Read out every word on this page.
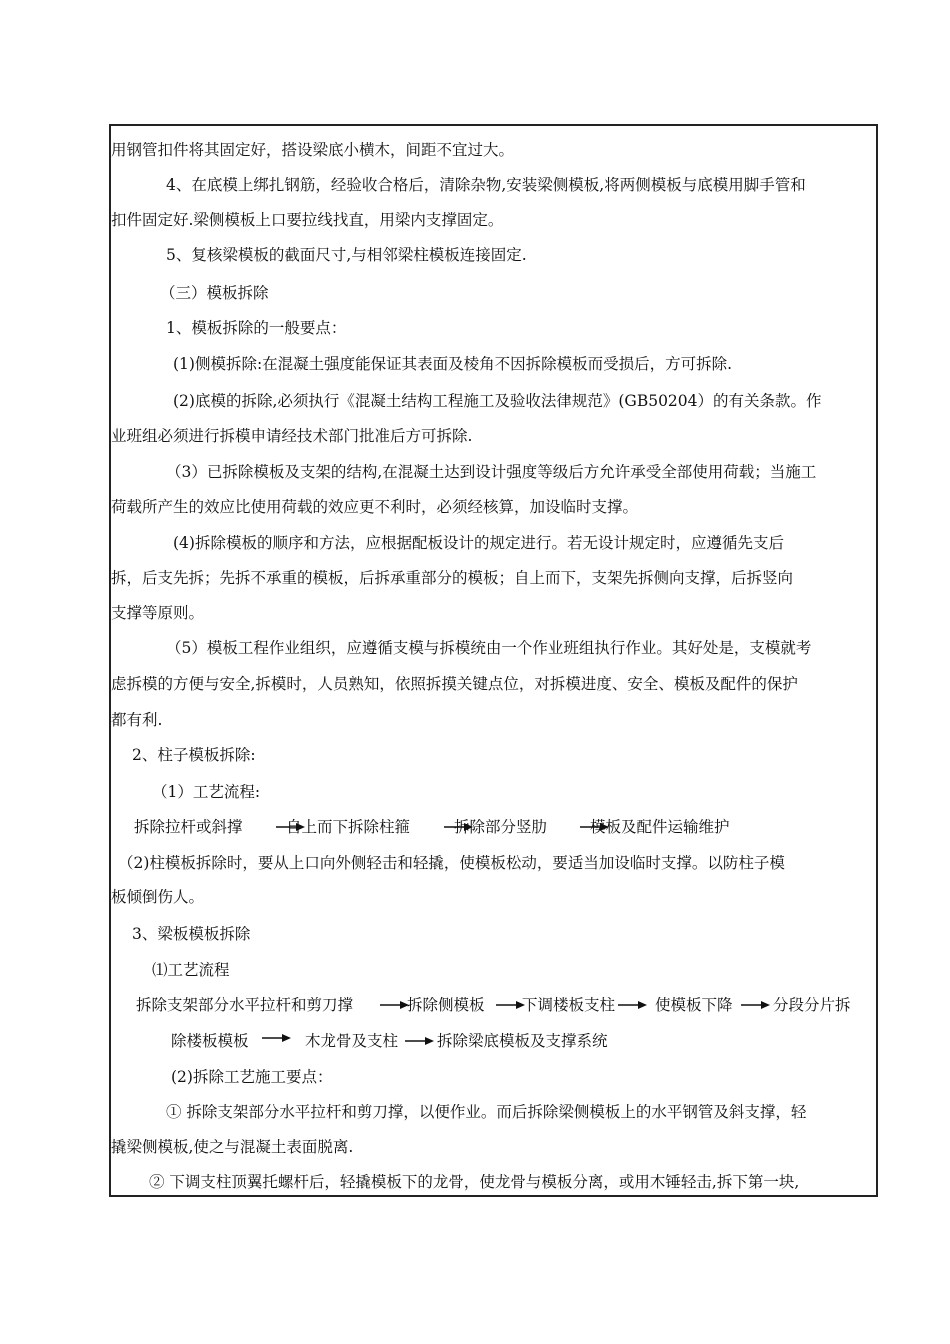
用钢管扣件将其固定好，搭设梁底小横木，间距不宜过大。
4、在底模上绑扎钢筋，经验收合格后，清除杂物,安装梁侧模板,将两侧模板与底模用脚手管和
扣件固定好.梁侧模板上口要拉线找直，用梁内支撑固定。
5、复核梁模板的截面尺寸,与相邻梁柱模板连接固定.
（三）模板拆除
1、模板拆除的一般要点：
(1)侧模拆除:在混凝土强度能保证其表面及棱角不因拆除模板而受损后，方可拆除.
(2)底模的拆除,必须执行《混凝土结构工程施工及验收法律规范》(GB50204）的有关条款。作
业班组必须进行拆模申请经技术部门批准后方可拆除.
（3）已拆除模板及支架的结构,在混凝土达到设计强度等级后方允许承受全部使用荷载；当施工
荷载所产生的效应比使用荷载的效应更不利时，必须经核算，加设临时支撑。
(4)拆除模板的顺序和方法，应根据配板设计的规定进行。若无设计规定时，应遵循先支后
拆，后支先拆；先拆不承重的模板，后拆承重部分的模板；自上而下，支架先拆侧向支撑，后拆竖向
支撑等原则。
（5）模板工程作业组织，应遵循支模与拆模统由一个作业班组执行作业。其好处是，支模就考
虑拆模的方便与安全,拆模时，人员熟知，依照拆摸关键点位，对拆模进度、安全、模板及配件的保护
都有利.
2、柱子模板拆除:
（1）工艺流程:
拆除拉杆或斜撑	自上而下拆除柱箍	拆除部分竖肋	模板及配件运输维护
（2)柱模板拆除时，要从上口向外侧轻击和轻撬，使模板松动，要适当加设临时支撑。以防柱子模
板倾倒伤人。
3、梁板模板拆除
⑴工艺流程
拆除支架部分水平拉杆和剪刀撑	拆除侧模板 下调楼板支柱	使模板下降	分段分片拆
除楼板模板	木龙骨及支柱	拆除梁底模板及支撑系统
(2)拆除工艺施工要点：
① 拆除支架部分水平拉杆和剪刀撑，以便作业。而后拆除梁侧模板上的水平钢管及斜支撑，轻
撬梁侧模板,使之与混凝土表面脱离.
② 下调支柱顶翼托螺杆后，轻撬模板下的龙骨，使龙骨与模板分离，或用木锤轻击,拆下第一块,
